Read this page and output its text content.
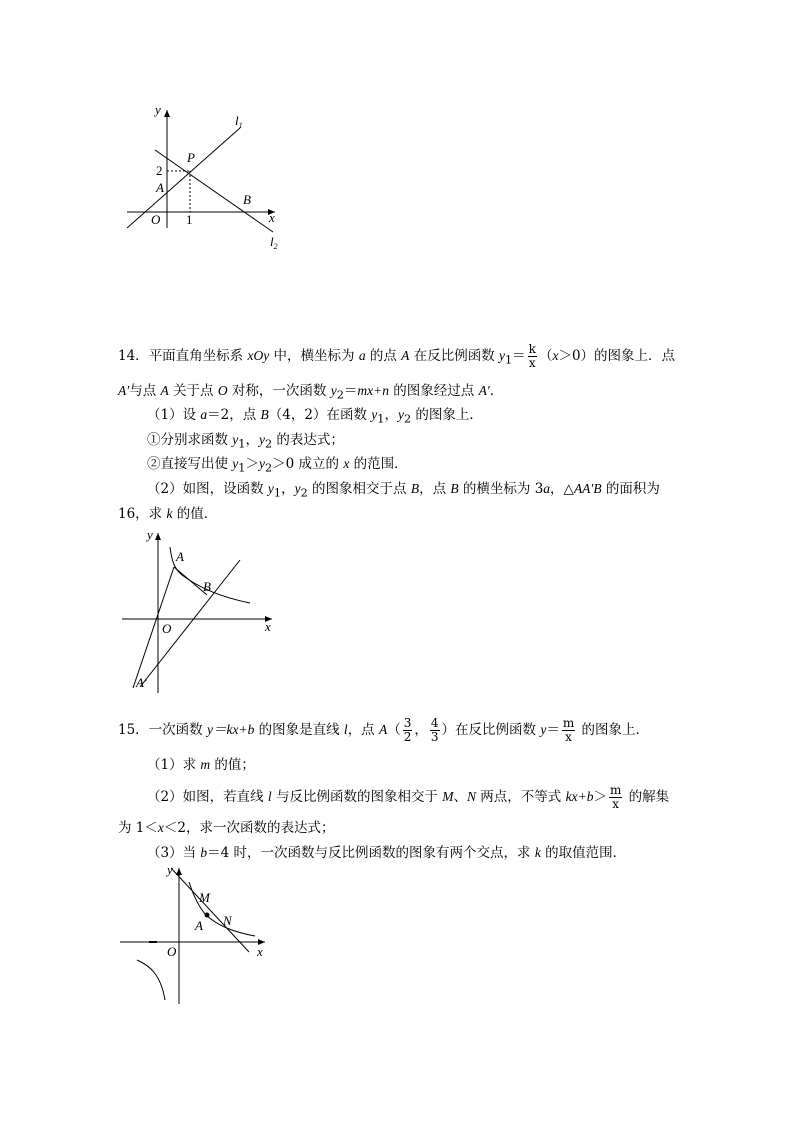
y
x
O
$l_1$
$l_2$
P
A
B
2
1
14．平面直角坐标系 xOy 中，横坐标为 a 的点 A 在反比例函数 $y_1= \frac{k}{x} (x>0)$的图象上．点
A′与点 A 关于点 O 对称，一次函数 $y_2=mx+n$ 的图象经过点 A′．
（1）设 a＝2，点 B（4，2）在函数 $y_1$，$y_2$ 的图象上．
①分别求函数 $y_1$，$y_2$ 的表达式；
②直接写出使 $y_1>y_2>0$ 成立的 x 的范围．
（2）如图，设函数 $y_1$，$y_2$ 的图象相交于点 B，点 B 的横坐标为 3a，△AA′B 的面积为
16，求 k 的值．
y
x
O
A
B
A′
15．一次函数 y＝kx+b 的图象是直线 l，点 $A( \frac{3}{2}$ ， $\frac{4}{3}$ ）在反比例函数 $y= \frac{m}{x}$ 的图象上．
（1）求 m 的值；
（2）如图，若直线 l 与反比例函数的图象相交于 M、N 两点，不等式 $kx+b> \frac{m}{x}$ 的解集
为 1＜x＜2，求一次函数的表达式；
（3）当 b＝4 时，一次函数与反比例函数的图象有两个交点，求 k 的取值范围．
y
x
O
M
A N
